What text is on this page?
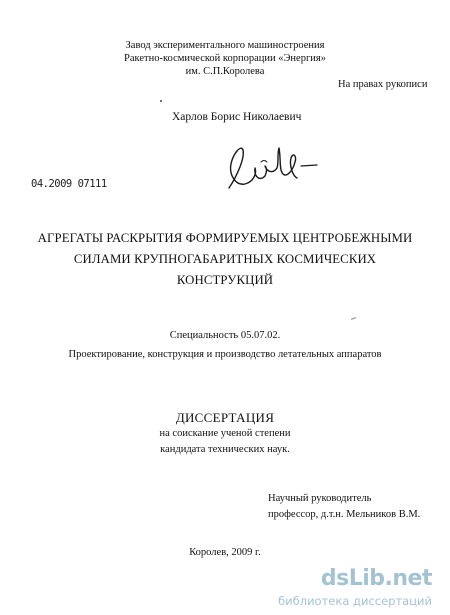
Завод экспериментального машиностроения
Ракетно-космической корпорации «Энергия»
им. С.П.Королева
На правах рукописи
Харлов Борис Николаевич
04.2009 07111
АГРЕГАТЫ РАСКРЫТИЯ ФОРМИРУЕМЫХ ЦЕНТРОБЕЖНЫМИ
СИЛАМИ КРУПНОГАБАРИТНЫХ КОСМИЧЕСКИХ
КОНСТРУКЦИЙ
Специальность 05.07.02.
Проектирование, конструкция и производство летательных аппаратов
ДИССЕРТАЦИЯ
на соискание ученой степени
кандидата технических наук.
Научный руководитель
профессор, д.т.н. Мельников В.М.
Королев, 2009 г.
dsLib.net
библиотека диссертаций
